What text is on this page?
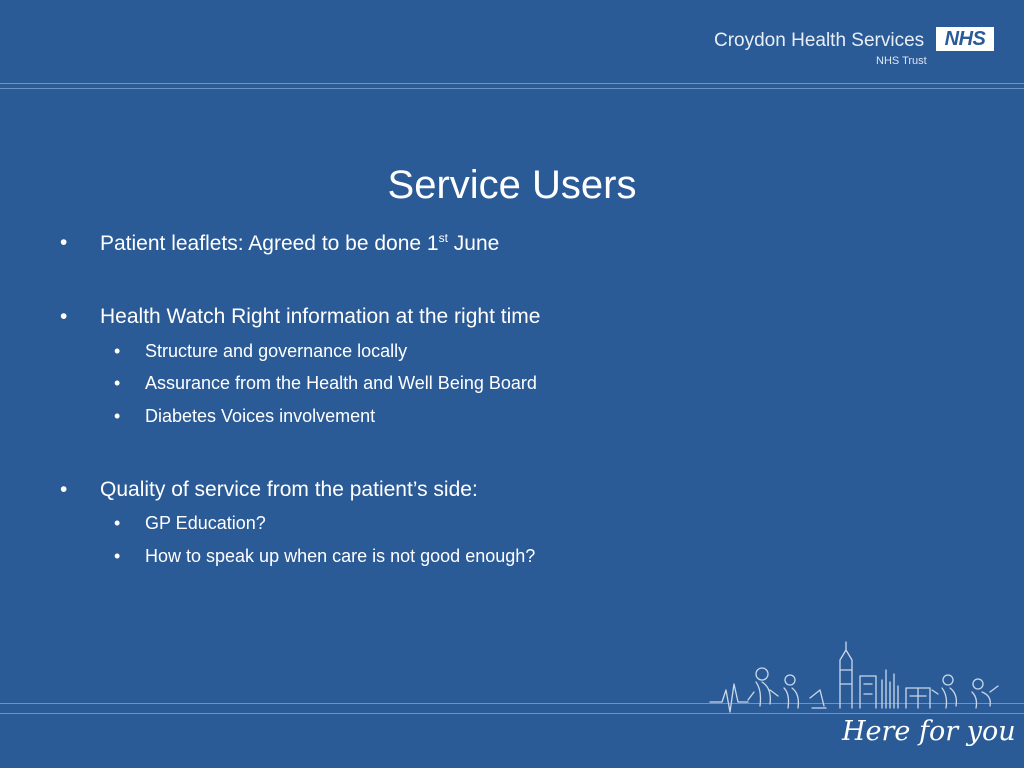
Croydon Health Services	NHS
NHS Trust
Service Users
• Patient leaflets: Agreed to be done 1st June
• Health Watch Right information at the right time
• Structure and governance locally
• Assurance from the Health and Well Being Board
• Diabetes Voices involvement
• Quality of service from the patient’s side:
• GP Education?
• How to speak up when care is not good enough?
Here for you
